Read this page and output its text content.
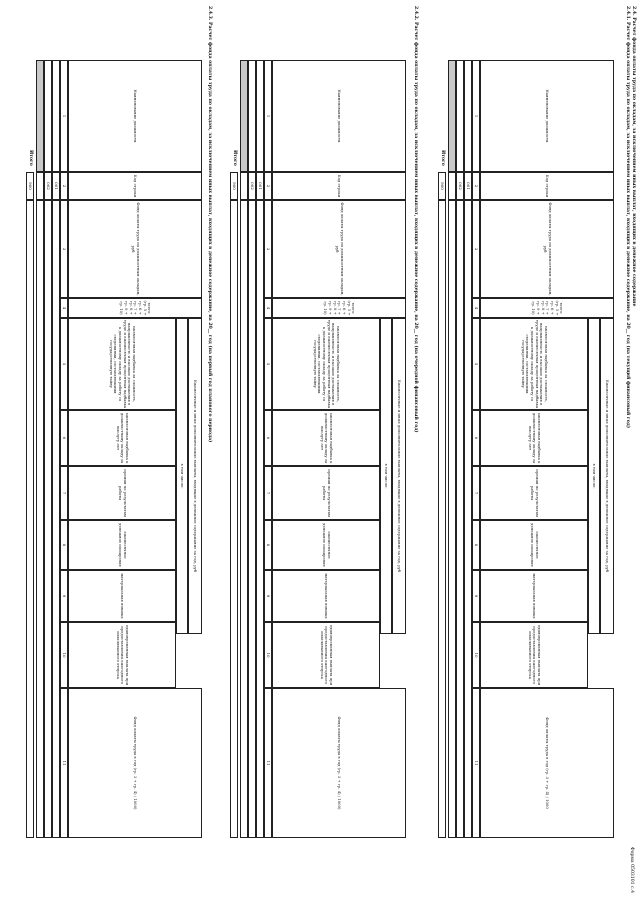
Форма 0503101 с.4
2.4. Расчет фонда оплаты труда по окладам, за исключением иных выплат, входящих в денежное содержание
2.4.1. Расчет фонда оплаты труда по окладам, за исключением иных выплат, входящих в денежное содержание, на 20__ год (на текущий финансовый год)
2.4.2. Расчет фонда оплаты труда по окладам, за исключением иных выплат, входящих в денежное содержание, на 20__ год (на очередной финансовый год)
2.4.3. Расчет фонда оплаты труда по окладам, за исключением иных выплат, входящих в денежное содержание, на 20__ год (на первый год планового периода)	Наименование должности
Код строки
Фонд оплаты труда по должностным окладам, руб
всего (гр. 5 + гр. 6 + гр. 7 + гр. 8 + гр. 9 + гр. 10)
Ежемесячные и иные дополнительные выплаты, входящие в денежное содержание за год, руб
в том числе:
ежемесячная надбавка за сложность, напряженность и высокие достижения в труде и ежемесячная процентная надбавка к должностному окладу за работу со сведениями, составляющими государственную тайну
ежемесячная надбавка к должностному окладу за выслугу лет
премии по результатам работы
ежемесячное денежное поощрение
материальная помощь
единовременная выплата при предоставлении ежегодного оплачиваемого отпуска
Фонд оплаты труда в год (гр. 3 + гр. 4) / 1000
1
2
3
4
5
6
7
8
9
10
11
001
002
Итого
900
Наименование должности
Код строки
Фонд оплаты труда по должностным окладам, руб
всего (гр. 5 + гр. 6 + гр. 7 + гр. 8 + гр. 9 + гр. 10)
Ежемесячные и иные дополнительные выплаты, входящие в денежное содержание за год, руб
в том числе:
ежемесячная надбавка за сложность, напряженность и высокие достижения в труде и ежемесячная процентная надбавка к должностному окладу за работу со сведениями, составляющими государственную тайну
ежемесячная надбавка к должностному окладу за выслугу лет
премии по результатам работы
ежемесячное денежное поощрение
материальная помощь
единовременная выплата при предоставлении ежегодного оплачиваемого отпуска
Фонд оплаты труда в год (гр. 3 + гр. 4) / 1000)
1
2
3
4
5
6
7
8
9
10
11
001
002
Итого
900
Наименование должности
Код строки
Фонд оплаты труда по должностным окладам, руб
всего (гр. 5 + гр. 6 + гр. 7 + гр. 8 + гр. 9 + гр. 10)
Ежемесячные и иные дополнительные выплаты, входящие в денежное содержание за год, руб
в том числе:
ежемесячная надбавка за сложность, напряженность и высокие достижения в труде и ежемесячная процентная надбавка к должностному окладу за работу со сведениями, составляющими государственную тайну
ежемесячная надбавка к должностному окладу за выслугу лет
премии по результатам работы
ежемесячное денежное поощрение
материальная помощь
единовременная выплата при предоставлении ежегодного оплачиваемого отпуска
Фонд оплаты труда в год (гр. 3 + гр. 4) / 1000)
1
2
3
4
5
6
7
8
9
10
11
001
002
Итого
900
